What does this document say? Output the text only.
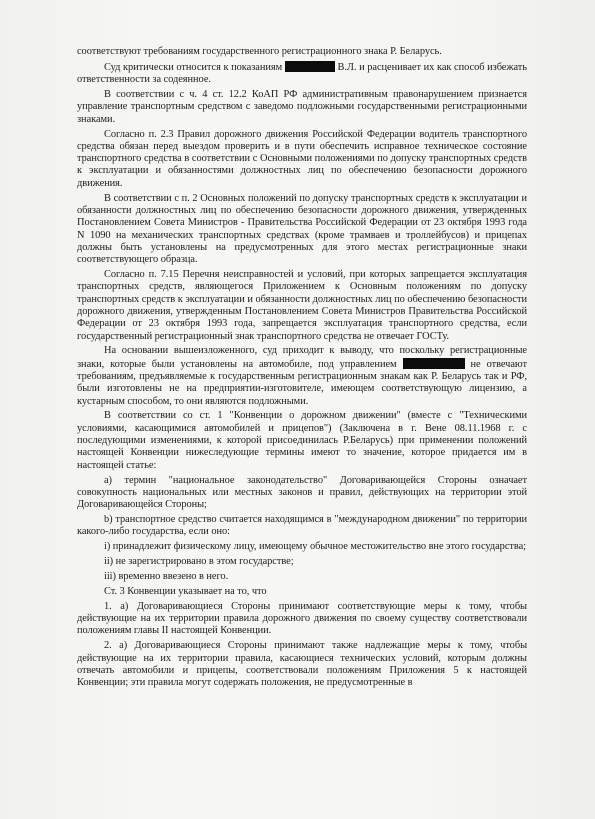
соответствуют требованиям государственного регистрационного знака Р. Беларусь.

Суд критически относится к показаниям	В.Л. и расценивает их как способ избежать ответственности за содеянное.

В соответствии с ч. 4 ст. 12.2 КоАП РФ административным правонарушением признается управление транспортным средством с заведомо подложными государственными регистрационными знаками.

Согласно п. 2.3 Правил дорожного движения Российской Федерации водитель транспортного средства обязан перед выездом проверить и в пути обеспечить исправное техническое состояние транспортного средства в соответствии с Основными положениями по допуску транспортных средств к эксплуатации и обязанностями должностных лиц по обеспечению безопасности дорожного движения.

В соответствии с п. 2 Основных положений по допуску транспортных средств к эксплуатации и обязанности должностных лиц по обеспечению безопасности дорожного движения, утвержденных Постановлением Совета Министров - Правительства Российской Федерации от 23 октября 1993 года N 1090 на механических транспортных средствах (кроме трамваев и троллейбусов) и прицепах должны быть установлены на предусмотренных для этого местах регистрационные знаки соответствующего образца.

Согласно п. 7.15 Перечня неисправностей и условий, при которых запрещается эксплуатация транспортных средств, являющегося Приложением к Основным положениям по допуску транспортных средств к эксплуатации и обязанности должностных лиц по обеспечению безопасности дорожного движения, утвержденным Постановлением Совета Министров Правительства Российской Федерации от 23 октября 1993 года, запрещается эксплуатация транспортного средства, если государственный регистрационный знак транспортного средства не отвечает ГОСТу.

На основании вышеизложенного, суд приходит к выводу, что поскольку регистрационные знаки, которые были установлены на автомобиле, под управлением	не отвечают требованиям, предъявляемые к государственным регистрационным знакам как Р. Беларусь так и РФ, были изготовлены не на предприятии-изготовителе, имеющем соответствующую лицензию, а кустарным способом, то они являются подложными.

В соответствии со ст. 1 "Конвенции о дорожном движении" (вместе с "Техническими условиями, касающимися автомобилей и прицепов") (Заключена в г. Вене 08.11.1968 г. с последующими изменениями, к которой присоединилась Р.Беларусь) при применении положений настоящей Конвенции нижеследующие термины имеют то значение, которое придается им в настоящей статье:

а) термин "национальное законодательство" Договаривающейся Стороны означает совокупность национальных или местных законов и правил, действующих на территории этой Договаривающейся Стороны;

b) транспортное средство считается находящимся в "международном движении" по территории какого-либо государства, если оно:

i) принадлежит физическому лицу, имеющему обычное местожительство вне этого государства;

ii) не зарегистрировано в этом государстве;

iii) временно ввезено в него.

Ст. 3 Конвенции указывает на то, что

1. а) Договаривающиеся Стороны принимают соответствующие меры к тому, чтобы действующие на их территории правила дорожного движения по своему существу соответствовали положениям главы II настоящей Конвенции.

2. а) Договаривающиеся Стороны принимают также надлежащие меры к тому, чтобы действующие на их территории правила, касающиеся технических условий, которым должны отвечать автомобили и прицепы, соответствовали положениям Приложения 5 к настоящей Конвенции; эти правила могут содержать положения, не предусмотренные в
